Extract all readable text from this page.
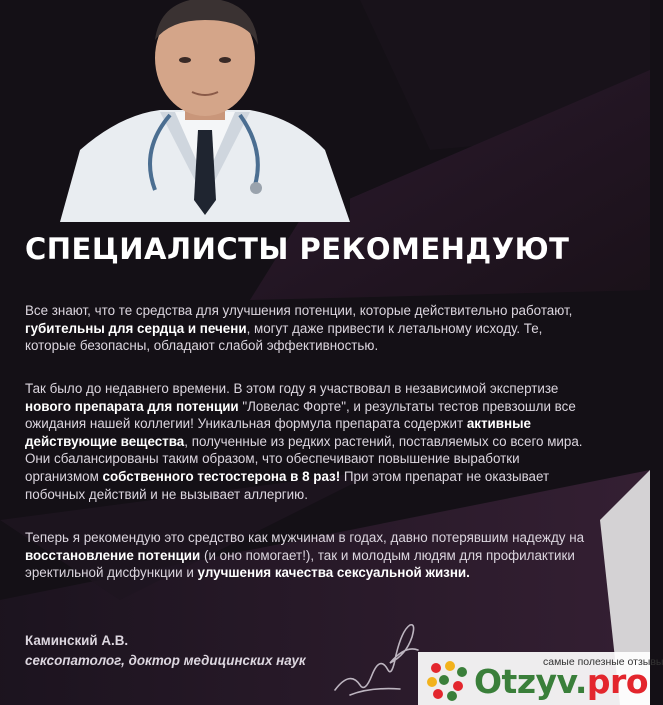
СПЕЦИАЛИСТЫ РЕКОМЕНДУЮТ

Все знают, что те средства для улучшения потенции, которые действительно работают, губительны для сердца и печени, могут даже привести к летальному исходу. Те, которые безопасны, обладают слабой эффективностью.

Так было до недавнего времени. В этом году я участвовал в независимой экспертизе нового препарата для потенции "Ловелас Форте", и результаты тестов превзошли все ожидания нашей коллегии! Уникальная формула препарата содержит активные действующие вещества, полученные из редких растений, поставляемых со всего мира. Они сбалансированы таким образом, что обеспечивают повышение выработки организмом собственного тестостерона в 8 раз! При этом препарат не оказывает побочных действий и не вызывает аллергию.

Теперь я рекомендую это средство как мужчинам в годах, давно потерявшим надежду на восстановление потенции (и оно помогает!), так и молодым людям для профилактики эректильной дисфункции и улучшения качества сексуальной жизни.

Каминский А.В.

сексопатолог, доктор медицинских наук	самые полезные отзывы
Otzyv.pro
